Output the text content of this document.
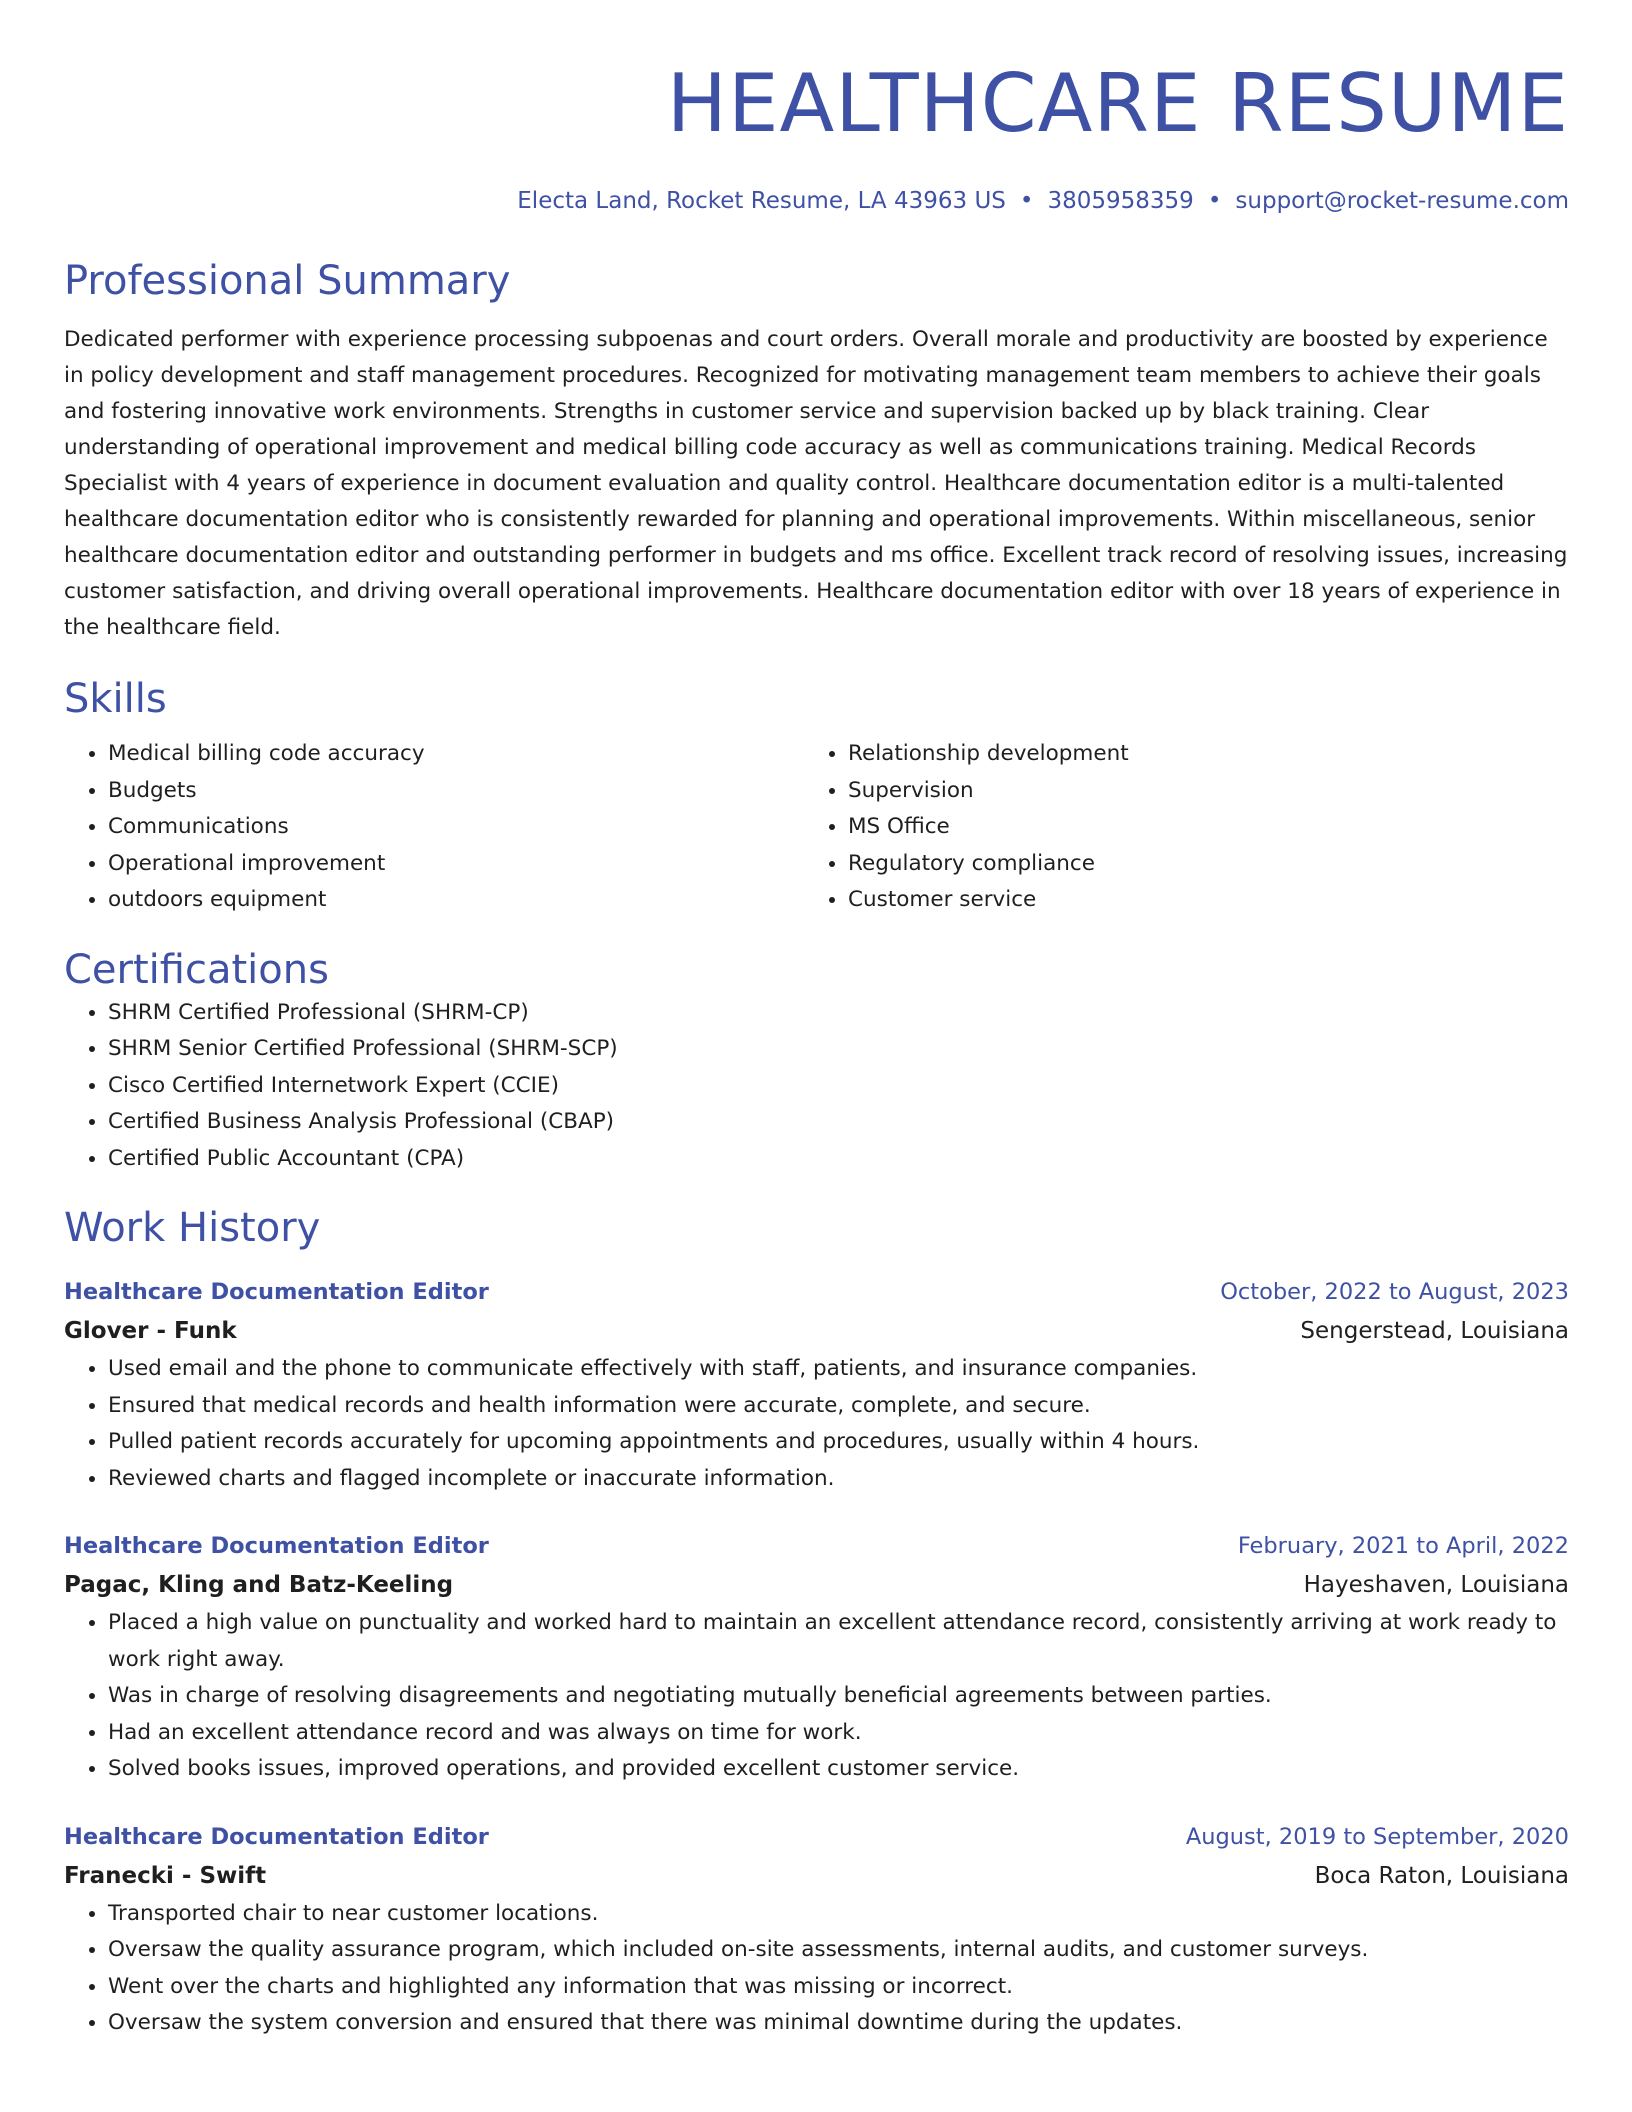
HEALTHCARE RESUME
Electa Land, Rocket Resume, LA 43963 US • 3805958359 • support@rocket-resume.com
Professional Summary
Dedicated performer with experience processing subpoenas and court orders. Overall morale and productivity are boosted by experience in policy development and staff management procedures. Recognized for motivating management team members to achieve their goals and fostering innovative work environments. Strengths in customer service and supervision backed up by black training. Clear understanding of operational improvement and medical billing code accuracy as well as communications training. Medical Records Specialist with 4 years of experience in document evaluation and quality control. Healthcare documentation editor is a multi-talented healthcare documentation editor who is consistently rewarded for planning and operational improvements. Within miscellaneous, senior healthcare documentation editor and outstanding performer in budgets and ms office. Excellent track record of resolving issues, increasing customer satisfaction, and driving overall operational improvements. Healthcare documentation editor with over 18 years of experience in the healthcare field.
Skills
• Medical billing code accuracy
• Budgets
• Communications
• Operational improvement
• outdoors equipment
• Relationship development
• Supervision
• MS Office
• Regulatory compliance
• Customer service
Certifications
• SHRM Certified Professional (SHRM-CP)
• SHRM Senior Certified Professional (SHRM-SCP)
• Cisco Certified Internetwork Expert (CCIE)
• Certified Business Analysis Professional (CBAP)
• Certified Public Accountant (CPA)
Work History
Healthcare Documentation Editor	October, 2022 to August, 2023
Glover - Funk	Sengerstead, Louisiana
• Used email and the phone to communicate effectively with staff, patients, and insurance companies.
• Ensured that medical records and health information were accurate, complete, and secure.
• Pulled patient records accurately for upcoming appointments and procedures, usually within 4 hours.
• Reviewed charts and flagged incomplete or inaccurate information.
Healthcare Documentation Editor	February, 2021 to April, 2022
Pagac, Kling and Batz-Keeling	Hayeshaven, Louisiana
• Placed a high value on punctuality and worked hard to maintain an excellent attendance record, consistently arriving at work ready to work right away.
• Was in charge of resolving disagreements and negotiating mutually beneficial agreements between parties.
• Had an excellent attendance record and was always on time for work.
• Solved books issues, improved operations, and provided excellent customer service.
Healthcare Documentation Editor	August, 2019 to September, 2020
Franecki - Swift	Boca Raton, Louisiana
• Transported chair to near customer locations.
• Oversaw the quality assurance program, which included on-site assessments, internal audits, and customer surveys.
• Went over the charts and highlighted any information that was missing or incorrect.
• Oversaw the system conversion and ensured that there was minimal downtime during the updates.
